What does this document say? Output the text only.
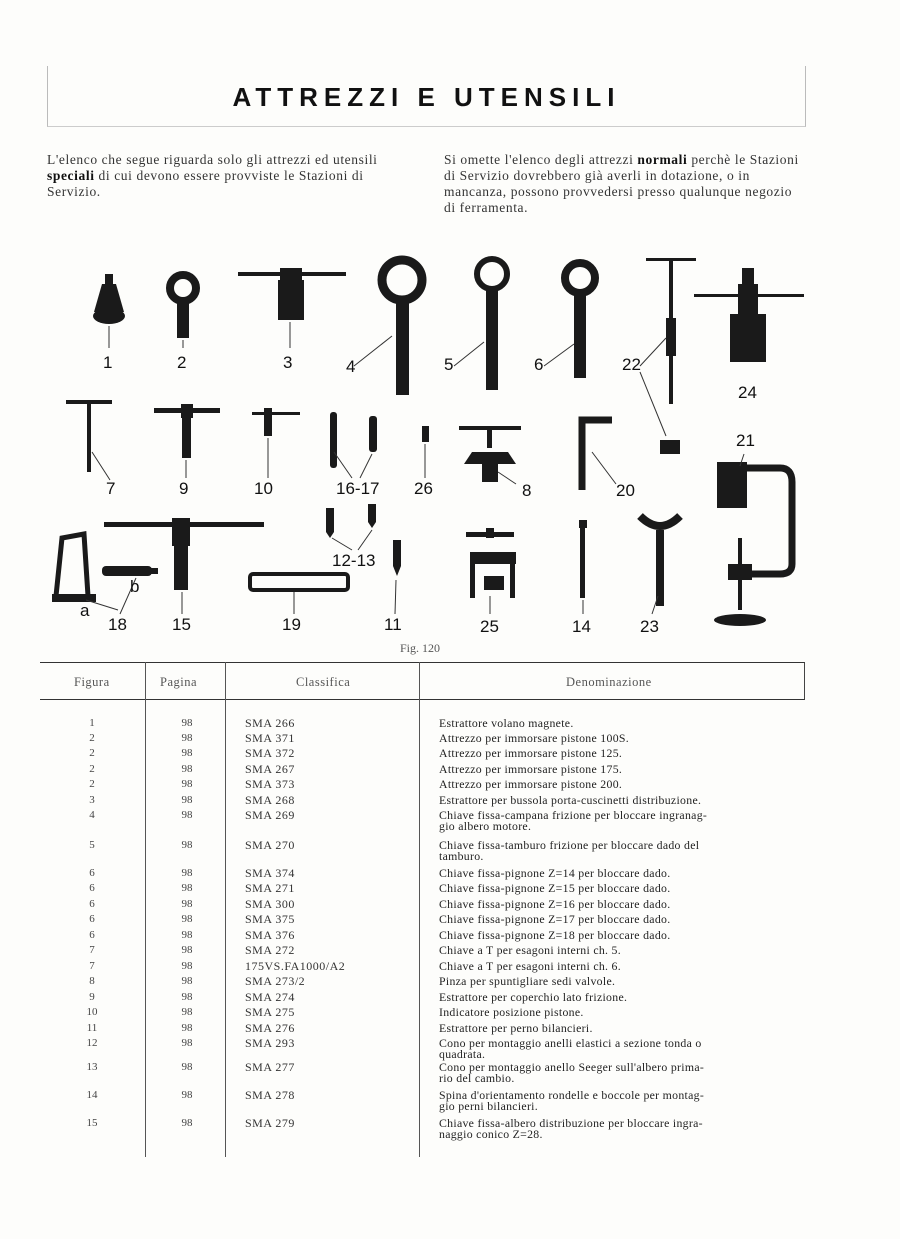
ATTREZZI E UTENSILI
L'elenco che segue riguarda solo gli attrezzi ed utensili speciali di cui devono essere provviste le Stazioni di Servizio.
Si omette l'elenco degli attrezzi normali perchè le Stazioni di Servizio dovrebbero già averli in dotazione, o in mancanza, possono provvedersi presso qualunque negozio di ferramenta.
1	2	3	4	5	6	22
24
7	9	10	16-17 26	8	20
21
12-13
a
b
18	15	19	11	25	14	23
Fig. 120
Figura	Pagina	Classifica	Denominazione
1	98	SMA 266	Estrattore volano magnete.
2	98	SMA 371	Attrezzo per immorsare pistone 100S.
2	98	SMA 372	Attrezzo per immorsare pistone 125.
2	98	SMA 267	Attrezzo per immorsare pistone 175.
2	98	SMA 373	Attrezzo per immorsare pistone 200.
3	98	SMA 268	Estrattore per bussola porta-cuscinetti distribuzione.
4	98	SMA 269	Chiave fissa-campana frizione per bloccare ingranag-
gio albero motore.
5	98	SMA 270	Chiave fissa-tamburo frizione per bloccare dado del
tamburo.
6	98	SMA 374	Chiave fissa-pignone Z=14 per bloccare dado.
6	98	SMA 271	Chiave fissa-pignone Z=15 per bloccare dado.
6	98	SMA 300	Chiave fissa-pignone Z=16 per bloccare dado.
6	98	SMA 375	Chiave fissa-pignone Z=17 per bloccare dado.
6	98	SMA 376	Chiave fissa-pignone Z=18 per bloccare dado.
7	98	SMA 272	Chiave a T per esagoni interni ch. 5.
7	98	175VS.FA1000/A2	Chiave a T per esagoni interni ch. 6.
8	98	SMA 273/2	Pinza per spuntigliare sedi valvole.
9	98	SMA 274	Estrattore per coperchio lato frizione.
10	98	SMA 275	Indicatore posizione pistone.
11	98	SMA 276	Estrattore per perno bilancieri.
12	98	SMA 293	Cono per montaggio anelli elastici a sezione tonda o
quadrata.
13	98	SMA 277	Cono per montaggio anello Seeger sull'albero prima-
rio del cambio.
14	98	SMA 278	Spina d'orientamento rondelle e boccole per montag-
gio perni bilancieri.
15	98	SMA 279	Chiave fissa-albero distribuzione per bloccare ingra-
naggio conico Z=28.
